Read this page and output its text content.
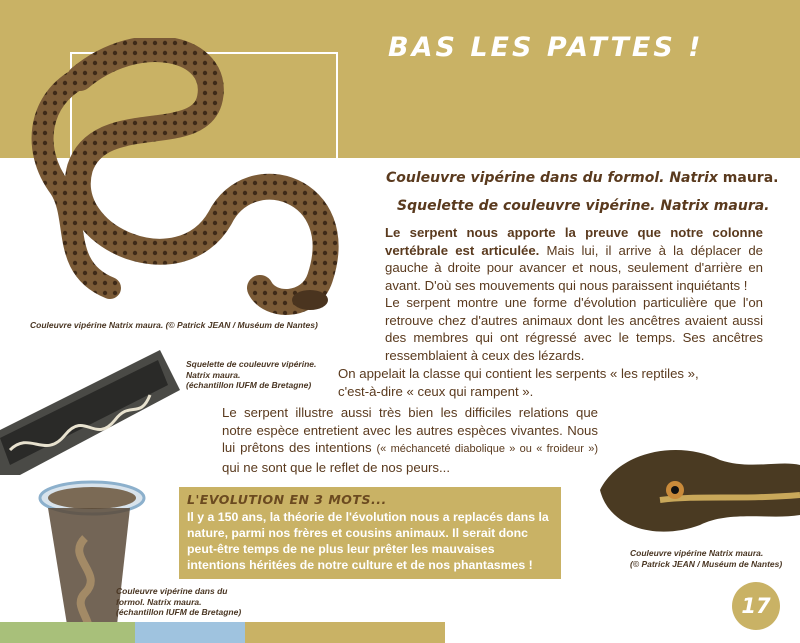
Couleuvre vipérine Natrix maura. (© Patrick JEAN / Muséum de Nantes)
BAS LES PATTES !
Couleuvre vipérine dans du formol. Natrix maura.
Squelette de couleuvre vipérine. Natrix maura.
Le serpent nous apporte la preuve que notre colonne vertébrale est articulée. Mais lui, il arrive à la déplacer de gauche à droite pour avancer et nous, seulement d'arrière en avant. D'où ses mouvements qui nous paraissent inquiétants !
Le serpent montre une forme d'évolution particulière que l'on retrouve chez d'autres animaux dont les ancêtres avaient aussi des membres qui ont régressé avec le temps. Ses ancêtres ressemblaient à ceux des lézards.
On appelait la classe qui contient les serpents « les reptiles »,
c'est-à-dire « ceux qui rampent ».
Squelette de couleuvre vipérine.
Natrix maura.
(échantillon IUFM de Bretagne)
Le serpent illustre aussi très bien les difficiles relations que notre espèce entretient avec les autres espèces vivantes. Nous lui prêtons des intentions (« méchanceté diabolique » ou « froideur ») qui ne sont que le reflet de nos peurs...
Couleuvre vipérine Natrix maura.
(© Patrick JEAN / Muséum de Nantes)
Couleuvre vipérine dans du
formol. Natrix maura.
(échantillon IUFM de Bretagne)
L'EVOLUTION EN 3 MOTS...
Il y a 150 ans, la théorie de l'évolution nous a replacés dans la nature, parmi nos frères et cousins animaux. Il serait donc peut-être temps de ne plus leur prêter les mauvaises intentions héritées de notre culture et de nos phantasmes !
17
